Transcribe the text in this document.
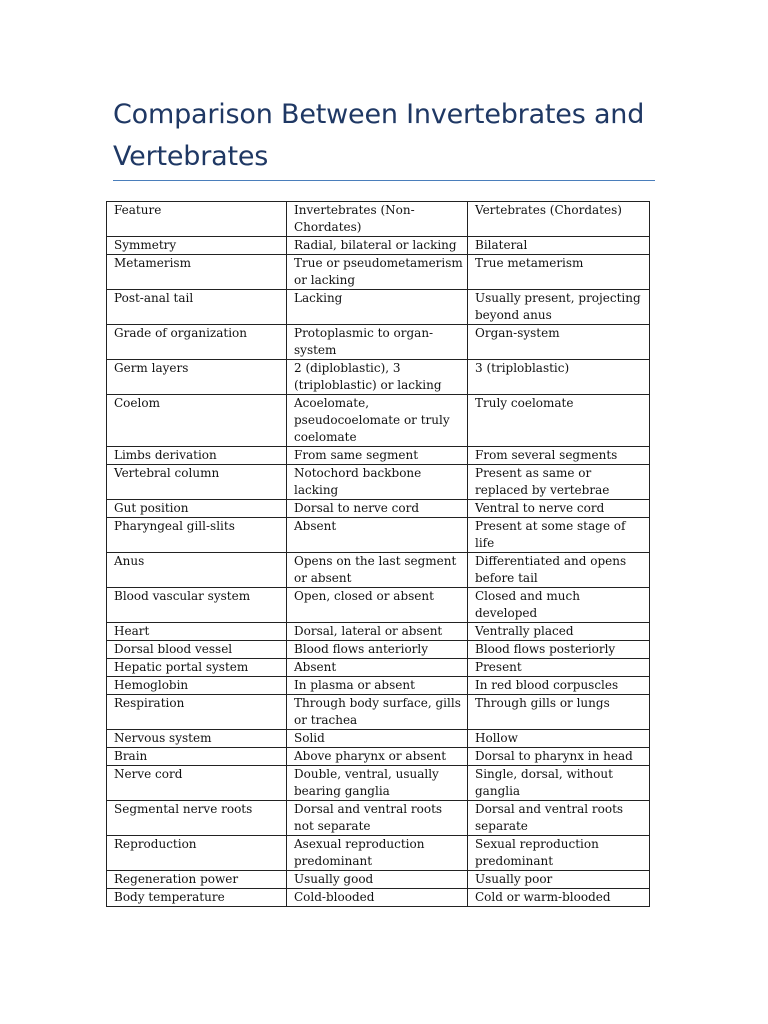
Comparison Between Invertebrates and Vertebrates
Feature	Invertebrates (Non-Chordates)	Vertebrates (Chordates)
Symmetry	Radial, bilateral or lacking	Bilateral
Metamerism	True or pseudometamerism or lacking	True metamerism
Post-anal tail	Lacking	Usually present, projecting beyond anus
Grade of organization	Protoplasmic to organ-system	Organ-system
Germ layers	2 (diploblastic), 3 (triploblastic) or lacking	3 (triploblastic)
Coelom	Acoelomate, pseudocoelomate or truly coelomate	Truly coelomate
Limbs derivation	From same segment	From several segments
Vertebral column	Notochord backbone lacking	Present as same or replaced by vertebrae
Gut position	Dorsal to nerve cord	Ventral to nerve cord
Pharyngeal gill-slits	Absent	Present at some stage of life
Anus	Opens on the last segment or absent	Differentiated and opens before tail
Blood vascular system	Open, closed or absent	Closed and much developed
Heart	Dorsal, lateral or absent	Ventrally placed
Dorsal blood vessel	Blood flows anteriorly	Blood flows posteriorly
Hepatic portal system	Absent	Present
Hemoglobin	In plasma or absent	In red blood corpuscles
Respiration	Through body surface, gills or trachea	Through gills or lungs
Nervous system	Solid	Hollow
Brain	Above pharynx or absent	Dorsal to pharynx in head
Nerve cord	Double, ventral, usually bearing ganglia	Single, dorsal, without ganglia
Segmental nerve roots	Dorsal and ventral roots not separate	Dorsal and ventral roots separate
Reproduction	Asexual reproduction predominant	Sexual reproduction predominant
Regeneration power	Usually good	Usually poor
Body temperature	Cold-blooded	Cold or warm-blooded
